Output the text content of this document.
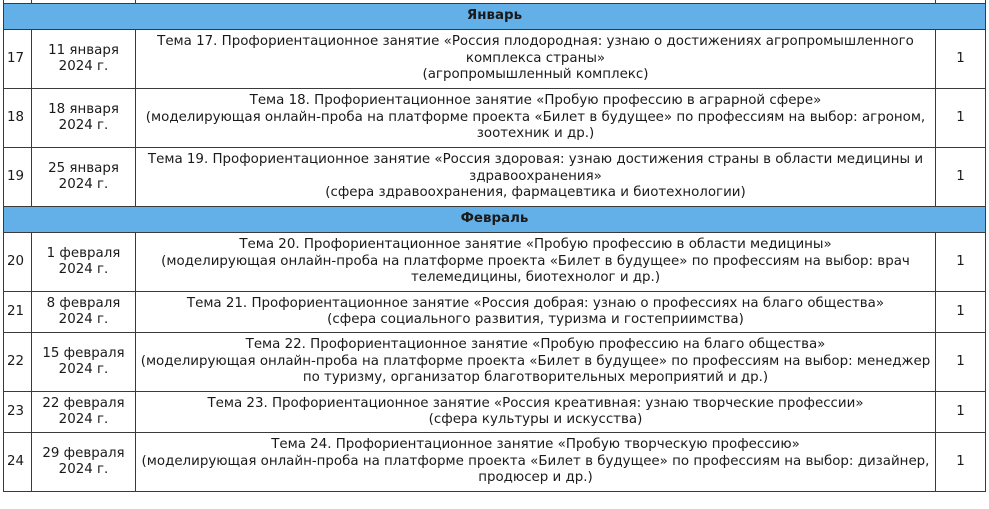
Январь			
17	11 января 2024 г.	Тема 17. Профориентационное занятие «Россия плодородная: узнаю о достижениях агропромышленного
комплекса страны»
(агропромышленный комплекс)	1
18	18 января 2024 г.	Тема 18. Профориентационное занятие «Пробую профессию в аграрной сфере»
(моделирующая онлайн-проба на платформе проекта «Билет в будущее» по профессиям на выбор: агроном,
зоотехник и др.)	1
19	25 января 2024 г.	Тема 19. Профориентационное занятие «Россия здоровая: узнаю достижения страны в области медицины и
здравоохранения»
(сфера здравоохранения, фармацевтика и биотехнологии)	1
Февраль			
20	1 февраля 2024 г.	Тема 20. Профориентационное занятие «Пробую профессию в области медицины»
(моделирующая онлайн-проба на платформе проекта «Билет в будущее» по профессиям на выбор: врач
телемедицины, биотехнолог и др.)	1
21	8 февраля 2024 г.	Тема 21. Профориентационное занятие «Россия добрая: узнаю о профессиях на благо общества»
(сфера социального развития, туризма и гостеприимства)	1
22	15 февраля 2024 г.	Тема 22. Профориентационное занятие «Пробую профессию на благо общества»
(моделирующая онлайн-проба на платформе проекта «Билет в будущее» по профессиям на выбор: менеджер
по туризму, организатор благотворительных мероприятий и др.)	1
23	22 февраля 2024 г.	Тема 23. Профориентационное занятие «Россия креативная: узнаю творческие профессии»
(сфера культуры и искусства)	1
24	29 февраля 2024 г.	Тема 24. Профориентационное занятие «Пробую творческую профессию»
(моделирующая онлайн-проба на платформе проекта «Билет в будущее» по профессиям на выбор: дизайнер,
продюсер и др.)	1
